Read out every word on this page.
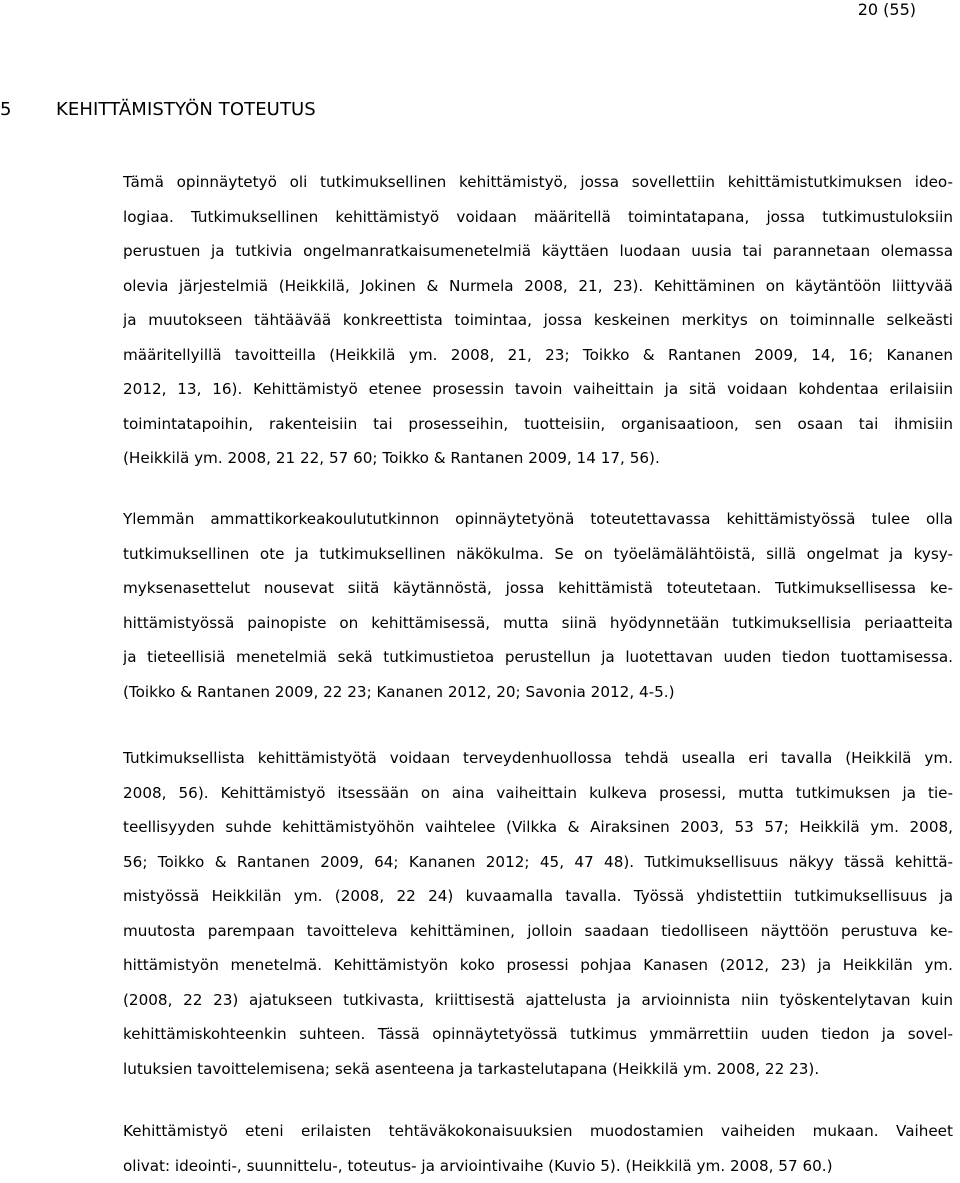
20 (55)
5 KEHITTÄMISTYÖN TOTEUTUS
Tämä opinnäytetyö oli tutkimuksellinen kehittämistyö, jossa sovellettiin kehittämistutkimuksen ideo-
logiaa. Tutkimuksellinen kehittämistyö voidaan määritellä toimintatapana, jossa tutkimustuloksiin
perustuen ja tutkivia ongelmanratkaisumenetelmiä käyttäen luodaan uusia tai parannetaan olemassa
olevia järjestelmiä (Heikkilä, Jokinen & Nurmela 2008, 21, 23). Kehittäminen on käytäntöön liittyvää
ja muutokseen tähtäävää konkreettista toimintaa, jossa keskeinen merkitys on toiminnalle selkeästi
määritellyillä tavoitteilla (Heikkilä ym. 2008, 21, 23; Toikko & Rantanen 2009, 14, 16; Kananen
2012, 13, 16). Kehittämistyö etenee prosessin tavoin vaiheittain ja sitä voidaan kohdentaa erilaisiin
toimintatapoihin, rakenteisiin tai prosesseihin, tuotteisiin, organisaatioon, sen osaan tai ihmisiin
(Heikkilä ym. 2008, 21 22, 57 60; Toikko & Rantanen 2009, 14 17, 56).
Ylemmän ammattikorkeakoulututkinnon opinnäytetyönä toteutettavassa kehittämistyössä tulee olla
tutkimuksellinen ote ja tutkimuksellinen näkökulma. Se on työelämälähtöistä, sillä ongelmat ja kysy-
myksenasettelut nousevat siitä käytännöstä, jossa kehittämistä toteutetaan. Tutkimuksellisessa ke-
hittämistyössä painopiste on kehittämisessä, mutta siinä hyödynnetään tutkimuksellisia periaatteita
ja tieteellisiä menetelmiä sekä tutkimustietoa perustellun ja luotettavan uuden tiedon tuottamisessa.
(Toikko & Rantanen 2009, 22 23; Kananen 2012, 20; Savonia 2012, 4-5.)
Tutkimuksellista kehittämistyötä voidaan terveydenhuollossa tehdä usealla eri tavalla (Heikkilä ym.
2008, 56). Kehittämistyö itsessään on aina vaiheittain kulkeva prosessi, mutta tutkimuksen ja tie-
teellisyyden suhde kehittämistyöhön vaihtelee (Vilkka & Airaksinen 2003, 53 57; Heikkilä ym. 2008,
56; Toikko & Rantanen 2009, 64; Kananen 2012; 45, 47 48). Tutkimuksellisuus näkyy tässä kehittä-
mistyössä Heikkilän ym. (2008, 22 24) kuvaamalla tavalla. Työssä yhdistettiin tutkimuksellisuus ja
muutosta parempaan tavoitteleva kehittäminen, jolloin saadaan tiedolliseen näyttöön perustuva ke-
hittämistyön menetelmä. Kehittämistyön koko prosessi pohjaa Kanasen (2012, 23) ja Heikkilän ym.
(2008, 22 23) ajatukseen tutkivasta, kriittisestä ajattelusta ja arvioinnista niin työskentelytavan kuin
kehittämiskohteenkin suhteen. Tässä opinnäytetyössä tutkimus ymmärrettiin uuden tiedon ja sovel-
lutuksien tavoittelemisena; sekä asenteena ja tarkastelutapana (Heikkilä ym. 2008, 22 23).
Kehittämistyö eteni erilaisten tehtäväkokonaisuuksien muodostamien vaiheiden mukaan. Vaiheet
olivat: ideointi-, suunnittelu-, toteutus- ja arviointivaihe (Kuvio 5). (Heikkilä ym. 2008, 57 60.)
